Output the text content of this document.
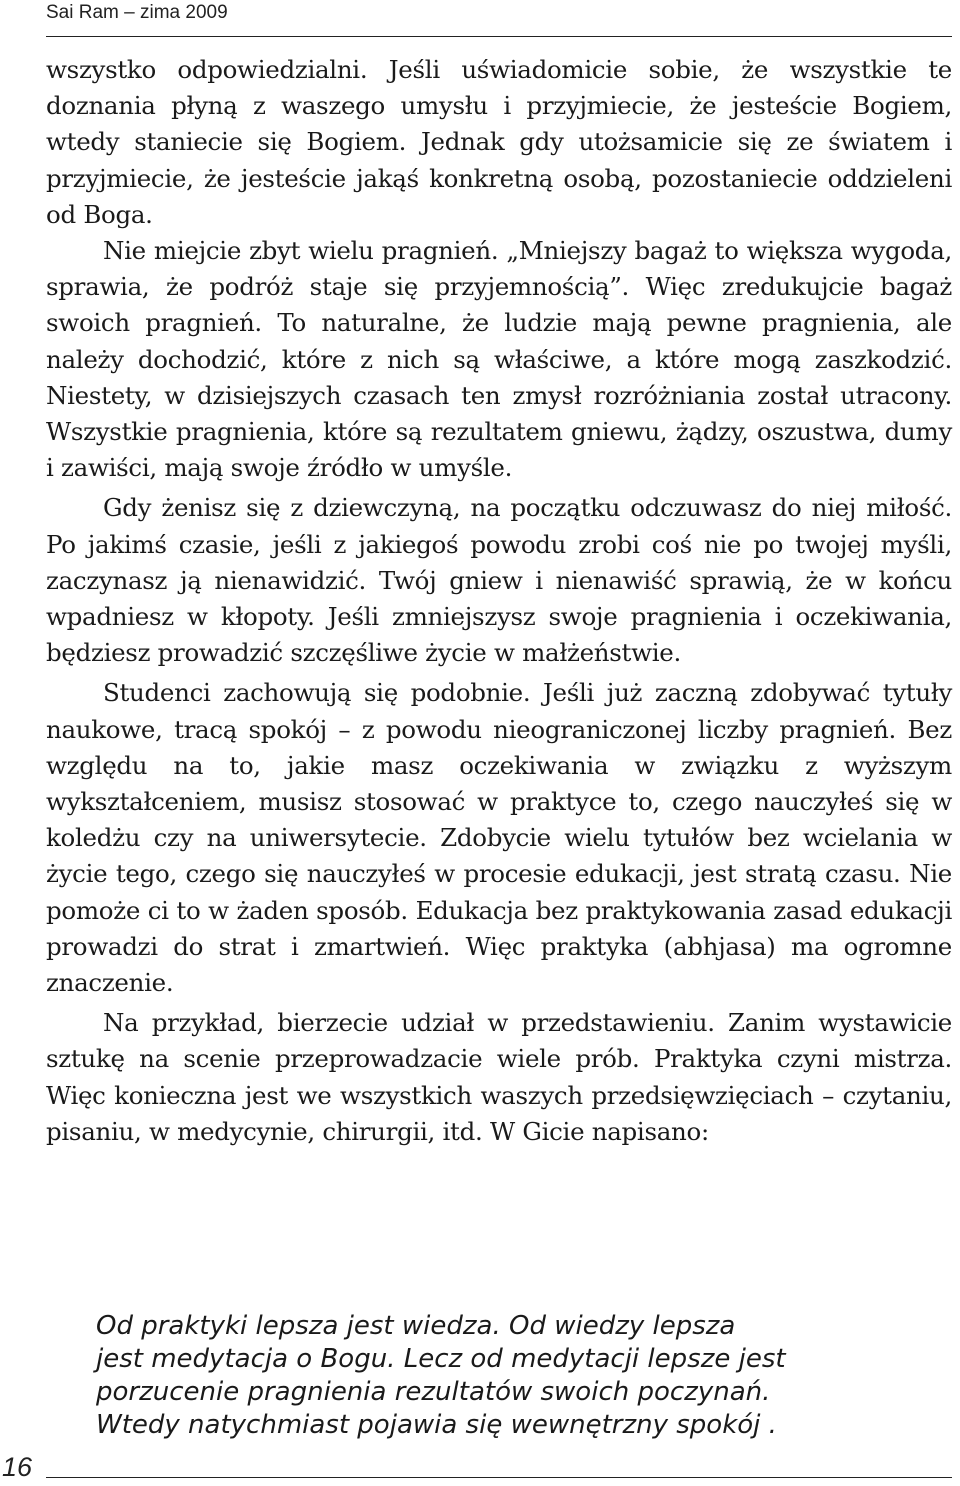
Sai Ram – zima 2009

wszystko odpowiedzialni. Jeśli uświadomicie sobie, że wszystkie te doznania płyną z waszego umysłu i przyjmiecie, że jesteście Bogiem, wtedy staniecie się Bogiem. Jednak gdy utożsamicie się ze światem i przyjmiecie, że jesteście jakąś konkretną osobą, pozostaniecie oddzieleni od Boga.

Nie miejcie zbyt wielu pragnień. „Mniejszy bagaż to większa wygoda, sprawia, że podróż staje się przyjemnością”. Więc zredukujcie bagaż swoich pragnień. To naturalne, że ludzie mają pewne pragnienia, ale należy dochodzić, które z nich są właściwe, a które mogą zaszkodzić. Niestety, w dzisiejszych czasach ten zmysł rozróżniania został utracony. Wszystkie pragnienia, które są rezultatem gniewu, żądzy, oszustwa, dumy i zawiści, mają swoje źródło w umyśle.

Gdy żenisz się z dziewczyną, na początku odczuwasz do niej miłość. Po jakimś czasie, jeśli z jakiegoś powodu zrobi coś nie po twojej myśli, zaczynasz ją nienawidzić. Twój gniew i nienawiść sprawią, że w końcu wpadniesz w kłopoty. Jeśli zmniejszysz swoje pragnienia i oczekiwania, będziesz prowadzić szczęśliwe życie w małżeństwie.

Studenci zachowują się podobnie. Jeśli już zaczną zdobywać tytuły naukowe, tracą spokój – z powodu nieograniczonej liczby pragnień. Bez względu na to, jakie masz oczekiwania w związku z wyższym wykształceniem, musisz stosować w praktyce to, czego nauczyłeś się w koledżu czy na uniwersytecie. Zdobycie wielu tytułów bez wcielania w życie tego, czego się nauczyłeś w procesie edukacji, jest stratą czasu. Nie pomoże ci to w żaden sposób. Edukacja bez praktykowania zasad edukacji prowadzi do strat i zmartwień. Więc praktyka (abhjasa) ma ogromne znaczenie.

Na przykład, bierzecie udział w przedstawieniu. Zanim wystawicie sztukę na scenie przeprowadzacie wiele prób. Praktyka czyni mistrza. Więc konieczna jest we wszystkich waszych przedsięwzięciach – czytaniu, pisaniu, w medycynie, chirurgii, itd. W Gicie napisano:

Od praktyki lepsza jest wiedza. Od wiedzy lepsza
jest medytacja o Bogu. Lecz od medytacji lepsze jest
porzucenie pragnienia rezultatów swoich poczynań.
Wtedy natychmiast pojawia się wewnętrzny spokój .
16
